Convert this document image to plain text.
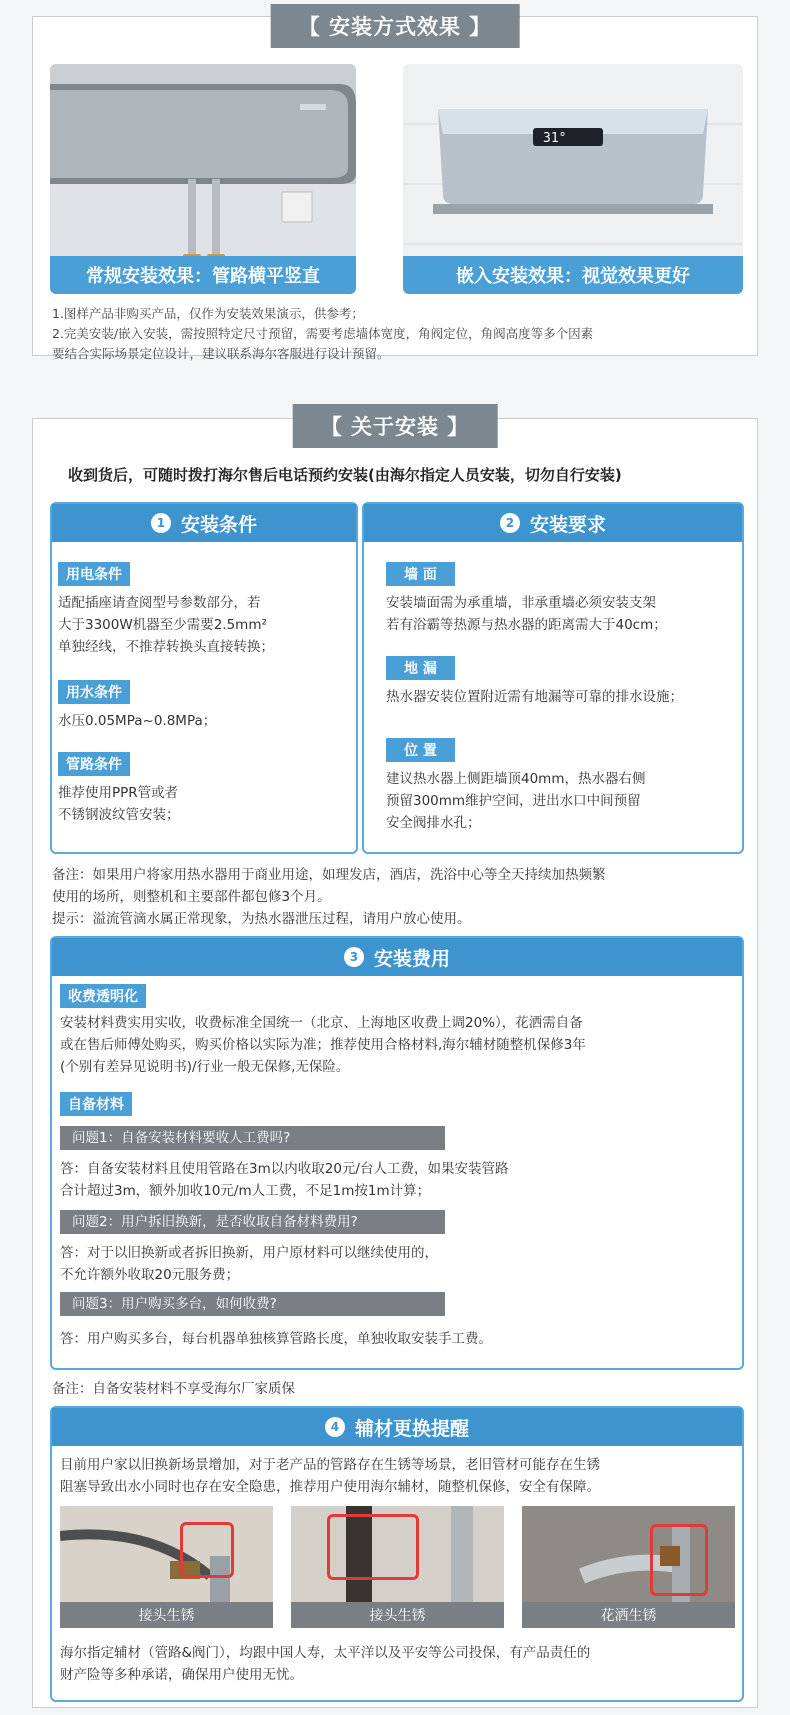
【 安装方式效果 】
常规安装效果：管路横平竖直
31°
嵌入安装效果：视觉效果更好
1.图样产品非购买产品，仅作为安装效果演示，供参考；
2.完美安装/嵌入安装，需按照特定尺寸预留，需要考虑墙体宽度，角阀定位，角阀高度等多个因素
要结合实际场景定位设计，建议联系海尔客服进行设计预留。
【 关于安装 】
收到货后，可随时拨打海尔售后电话预约安装(由海尔指定人员安装，切勿自行安装)
1 安装条件
用电条件
适配插座请查阅型号参数部分，若
大于3300W机器至少需要2.5mm²
单独经线，不推荐转换头直接转换；
用水条件
水压0.05MPa~0.8MPa；
管路条件
推荐使用PPR管或者
不锈钢波纹管安装；
2 安装要求
墙 面
安装墙面需为承重墙，非承重墙必须安装支架
若有浴霸等热源与热水器的距离需大于40cm；
地 漏
热水器安装位置附近需有地漏等可靠的排水设施；
位 置
建议热水器上侧距墙顶40mm，热水器右侧
预留300mm维护空间，进出水口中间预留
安全阀排水孔；
备注：如果用户将家用热水器用于商业用途，如理发店，酒店，洗浴中心等全天持续加热频繁
使用的场所，则整机和主要部件都包修3个月。
提示：溢流管滴水属正常现象，为热水器泄压过程，请用户放心使用。
3 安装费用
收费透明化
安装材料费实用实收，收费标准全国统一（北京、上海地区收费上调20%），花洒需自备
或在售后师傅处购买，购买价格以实际为准；推荐使用合格材料,海尔辅材随整机保修3年
(个别有差异见说明书)/行业一般无保修,无保险。
自备材料
问题1：自备安装材料要收人工费吗?
答：自备安装材料且使用管路在3m以内收取20元/台人工费，如果安装管路
合计超过3m，额外加收10元/m人工费，不足1m按1m计算；
问题2：用户拆旧换新，是否收取自备材料费用?
答：对于以旧换新或者拆旧换新，用户原材料可以继续使用的，
不允许额外收取20元服务费；
问题3：用户购买多台，如何收费?
答：用户购买多台，每台机器单独核算管路长度，单独收取安装手工费。
备注：自备安装材料不享受海尔厂家质保
4 辅材更换提醒
目前用户家以旧换新场景增加，对于老产品的管路存在生锈等场景，老旧管材可能存在生锈
阻塞导致出水小同时也存在安全隐患，推荐用户使用海尔辅材，随整机保修，安全有保障。
接头生锈	接头生锈	花洒生锈
海尔指定辅材（管路&阀门），均跟中国人寿，太平洋以及平安等公司投保，有产品责任的
财产险等多种承诺，确保用户使用无忧。
